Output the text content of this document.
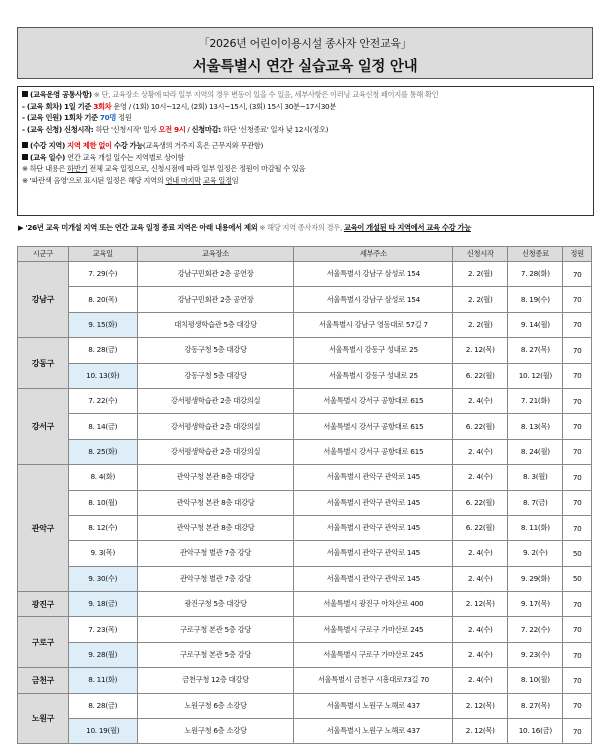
「2026년 어린이이용시설 종사자 안전교육」
서울특별시 연간 실습교육 일정 안내
(교육운영 공통사항) ※ 단, 교육장소 상황에 따라 일부 지역의 경우 변동이 있을 수 있음, 세부사항은 이러닝 교육신청 페이지를 통해 확인
- (교육 회차) 1일 기준 3회차 운영 / (1회) 10시~12시, (2회) 13시~15시, (3회) 15시 30분~17시30분
- (교육 인원) 1회차 기준 70명 정원
- (교육 신청) 신청시작: 하단 '신청시작' 일자 오전 9시 / 신청마감: 하단 '신청종료' 일자 낮 12시(정오)
(수강 지역) 지역 제한 없이 수강 가능(교육생의 거주지 혹은 근무지와 무관함)
(교육 일수) 연간 교육 개설 일수는 지역별로 상이함
※ 하단 내용은 하반기 전체 교육 일정으로, 신청시점에 따라 일부 일정은 정원이 마감될 수 있음
※ '파란색 음영'으로 표시된 일정은 해당 지역의 연내 마지막 교육 일정임
▶ '26년 교육 미개설 지역 또는 연간 교육 일정 종료 지역은 아래 내용에서 제외 ※ 해당 지역 종사자의 경우, 교육이 개설된 타 지역에서 교육 수강 가능
시군구	교육일	교육장소	세부주소	신청시작	신청종료	정원
강남구	7. 29(수)	강남구민회관 2층 공연장	서울특별시 강남구 삼성로 154	2. 2(월)	7. 28(화)	70
	8. 20(목)	강남구민회관 2층 공연장	서울특별시 강남구 삼성로 154	2. 2(월)	8. 19(수)	70
	9. 15(화)	대치평생학습관 5층 대강당	서울특별시 강남구 영동대로 57길 7	2. 2(월)	9. 14(월)	70
강동구	8. 28(금)	강동구청 5층 대강당	서울특별시 강동구 성내로 25	2. 12(목)	8. 27(목)	70
	10. 13(화)	강동구청 5층 대강당	서울특별시 강동구 성내로 25	6. 22(월)	10. 12(월)	70
강서구	7. 22(수)	강서평생학습관 2층 대강의실	서울특별시 강서구 공항대로 615	2. 4(수)	7. 21(화)	70
	8. 14(금)	강서평생학습관 2층 대강의실	서울특별시 강서구 공항대로 615	6. 22(월)	8. 13(목)	70
	8. 25(화)	강서평생학습관 2층 대강의실	서울특별시 강서구 공항대로 615	2. 4(수)	8. 24(월)	70
관악구	8. 4(화)	관악구청 본관 8층 대강당	서울특별시 관악구 관악로 145	2. 4(수)	8. 3(월)	70
	8. 10(월)	관악구청 본관 8층 대강당	서울특별시 관악구 관악로 145	6. 22(월)	8. 7(금)	70
	8. 12(수)	관악구청 본관 8층 대강당	서울특별시 관악구 관악로 145	6. 22(월)	8. 11(화)	70
	9. 3(목)	관악구청 별관 7층 강당	서울특별시 관악구 관악로 145	2. 4(수)	9. 2(수)	50
	9. 30(수)	관악구청 별관 7층 강당	서울특별시 관악구 관악로 145	2. 4(수)	9. 29(화)	50
광진구	9. 18(금)	광진구청 5층 대강당	서울특별시 광진구 아차산로 400	2. 12(목)	9. 17(목)	70
구로구	7. 23(목)	구로구청 본관 5층 강당	서울특별시 구로구 가마산로 245	2. 4(수)	7. 22(수)	70
	9. 28(월)	구로구청 본관 5층 강당	서울특별시 구로구 가마산로 245	2. 4(수)	9. 23(수)	70
금천구	8. 11(화)	금천구청 12층 대강당	서울특별시 금천구 시흥대로73길 70	2. 4(수)	8. 10(월)	70
노원구	8. 28(금)	노원구청 6층 소강당	서울특별시 노원구 노해로 437	2. 12(목)	8. 27(목)	70
	10. 19(월)	노원구청 6층 소강당	서울특별시 노원구 노해로 437	2. 12(목)	10. 16(금)	70
